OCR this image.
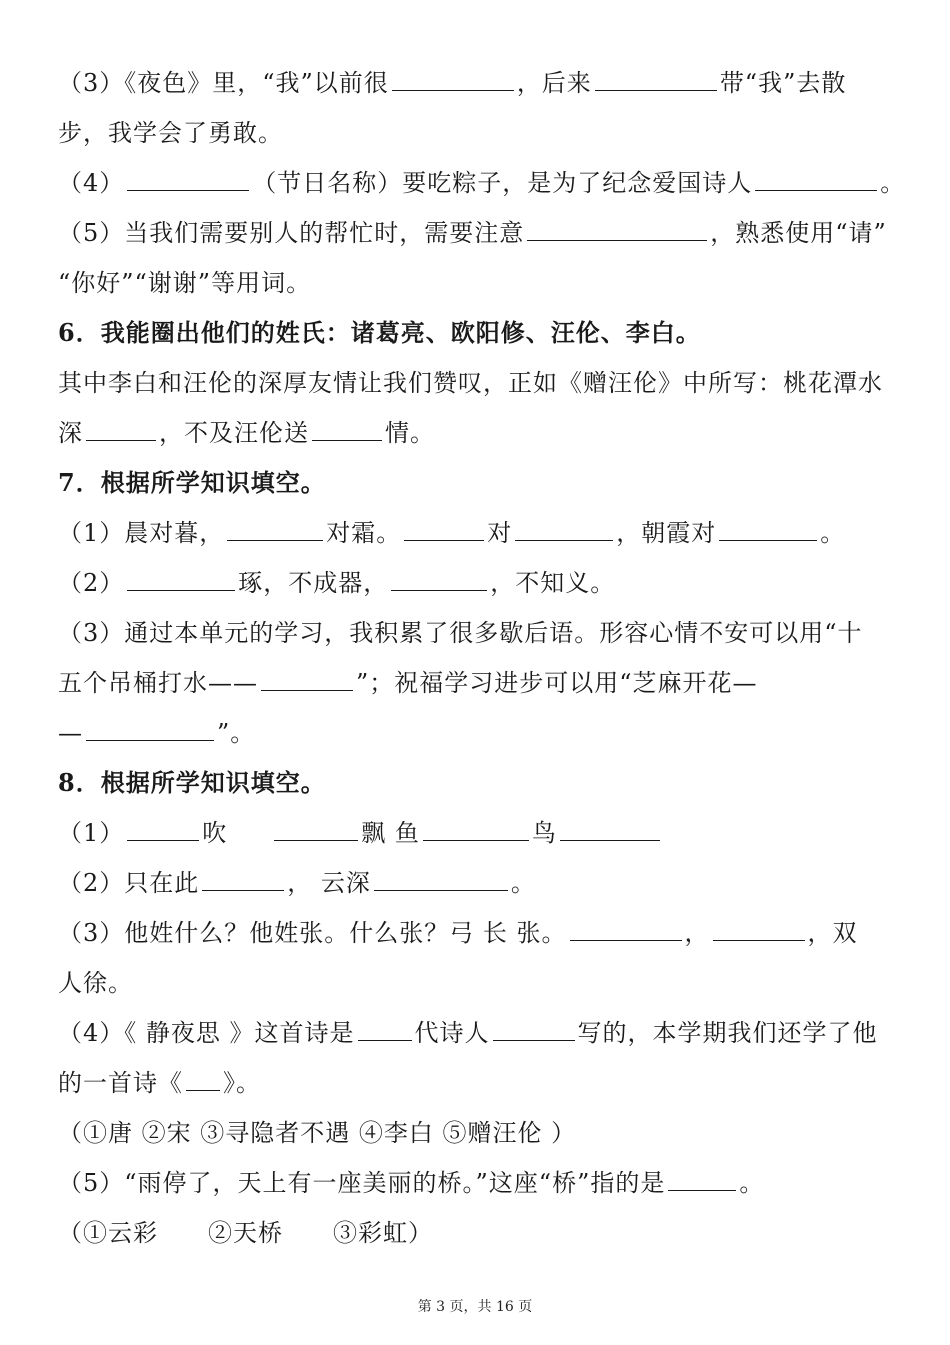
（3）《夜色》里，“我”以前很	，后来	带“我”去散
步，我学会了勇敢。
（4）	（节日名称）要吃粽子，是为了纪念爱国诗人	。
（5）当我们需要别人的帮忙时，需要注意	，熟悉使用“请”
“你好”“谢谢”等用词。
6．我能圈出他们的姓氏：诸葛亮、欧阳修、汪伦、李白。
其中李白和汪伦的深厚友情让我们赞叹，正如《赠汪伦》中所写：桃花潭水
深	，不及汪伦送	情。
7．根据所学知识填空。
（1）晨对暮，	对霜。	对	，朝霞对	。
（2）	琢，不成器，	，不知义。
（3）通过本单元的学习，我积累了很多歇后语。形容心情不安可以用“十
五个吊桶打水——	”；祝福学习进步可以用“芝麻开花—
—	”。
8．根据所学知识填空。
（1）	吹	飘 鱼	鸟
（2）只在此	， 云深	。
（3）他姓什么？他姓张。什么张？弓 长 张。	，	，双
人徐。
（4）《 静夜思 》这首诗是	代诗人	写的，本学期我们还学了他
的一首诗《 》。
（①唐 ②宋 ③寻隐者不遇 ④李白 ⑤赠汪伦 ）
（5）“雨停了，天上有一座美丽的桥。”这座“桥”指的是	。
（①云彩　　②天桥　　③彩虹）
第 3 页，共 16 页
